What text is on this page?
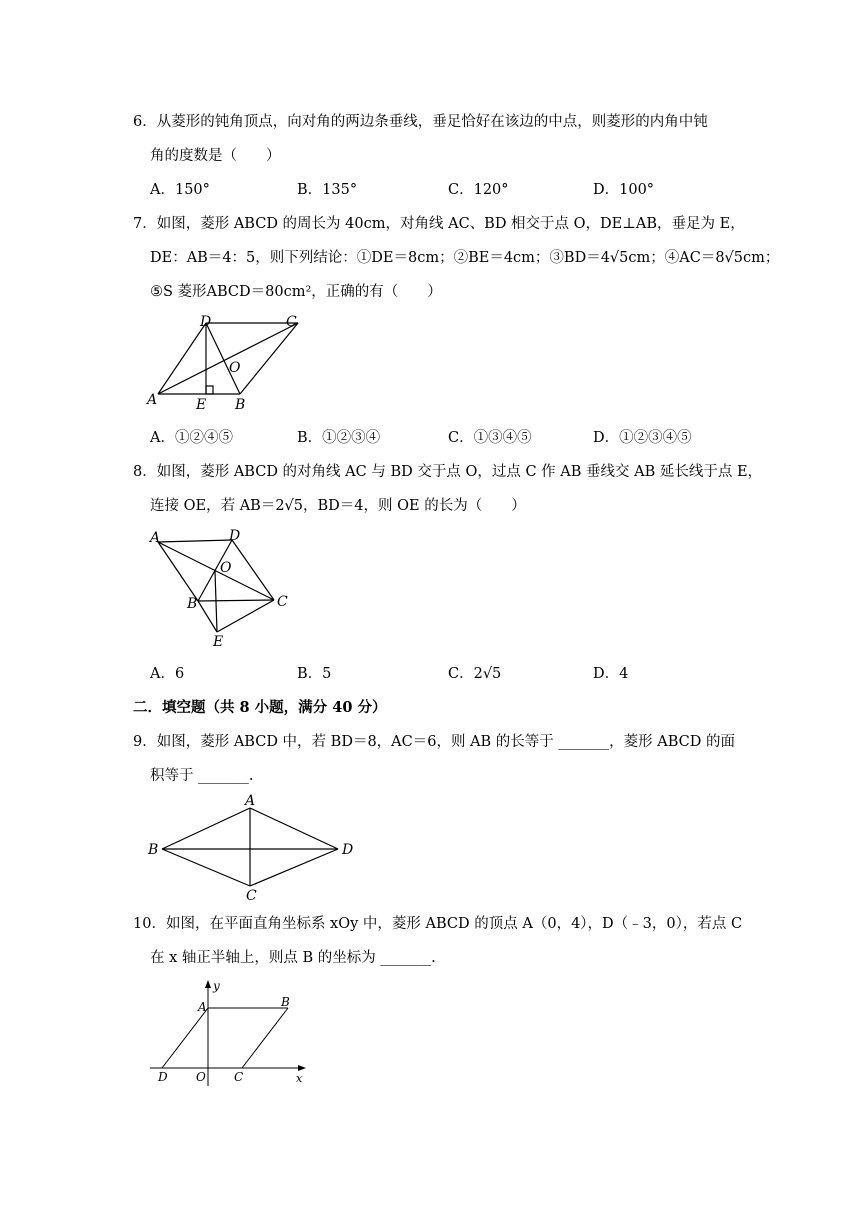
6．从菱形的钝角顶点，向对角的两边条垂线，垂足恰好在该边的中点，则菱形的内角中钝
角的度数是（　　）
A．150°	B．135°	C．120°	D．100°
7．如图，菱形 ABCD 的周长为 40cm，对角线 AC、BD 相交于点 O，DE⊥AB，垂足为 E，
DE：AB＝4：5，则下列结论：①DE＝8cm；②BE＝4cm；③BD＝4√5cm；④AC＝8√5cm；
⑤S 菱形ABCD＝80cm²，正确的有（　　）
D	C
O
A	E B
A．①②④⑤	B．①②③④	C．①③④⑤	D．①②③④⑤
8．如图，菱形 ABCD 的对角线 AC 与 BD 交于点 O，过点 C 作 AB 垂线交 AB 延长线于点 E，
连接 OE，若 AB＝2√5，BD＝4，则 OE 的长为（　　）
A	D
O
B	C
E
A．6	B．5	C．2√5	D．4
二．填空题（共 8 小题，满分 40 分）
9．如图，菱形 ABCD 中，若 BD＝8，AC＝6，则 AB 的长等于 _______，菱形 ABCD 的面
积等于 _______.
A
B	D
C
10．如图，在平面直角坐标系 xOy 中，菱形 ABCD 的顶点 A（0，4），D（﹣3，0），若点 C
在 x 轴正半轴上，则点 B 的坐标为 _______.
y
A	B
D O C	x
